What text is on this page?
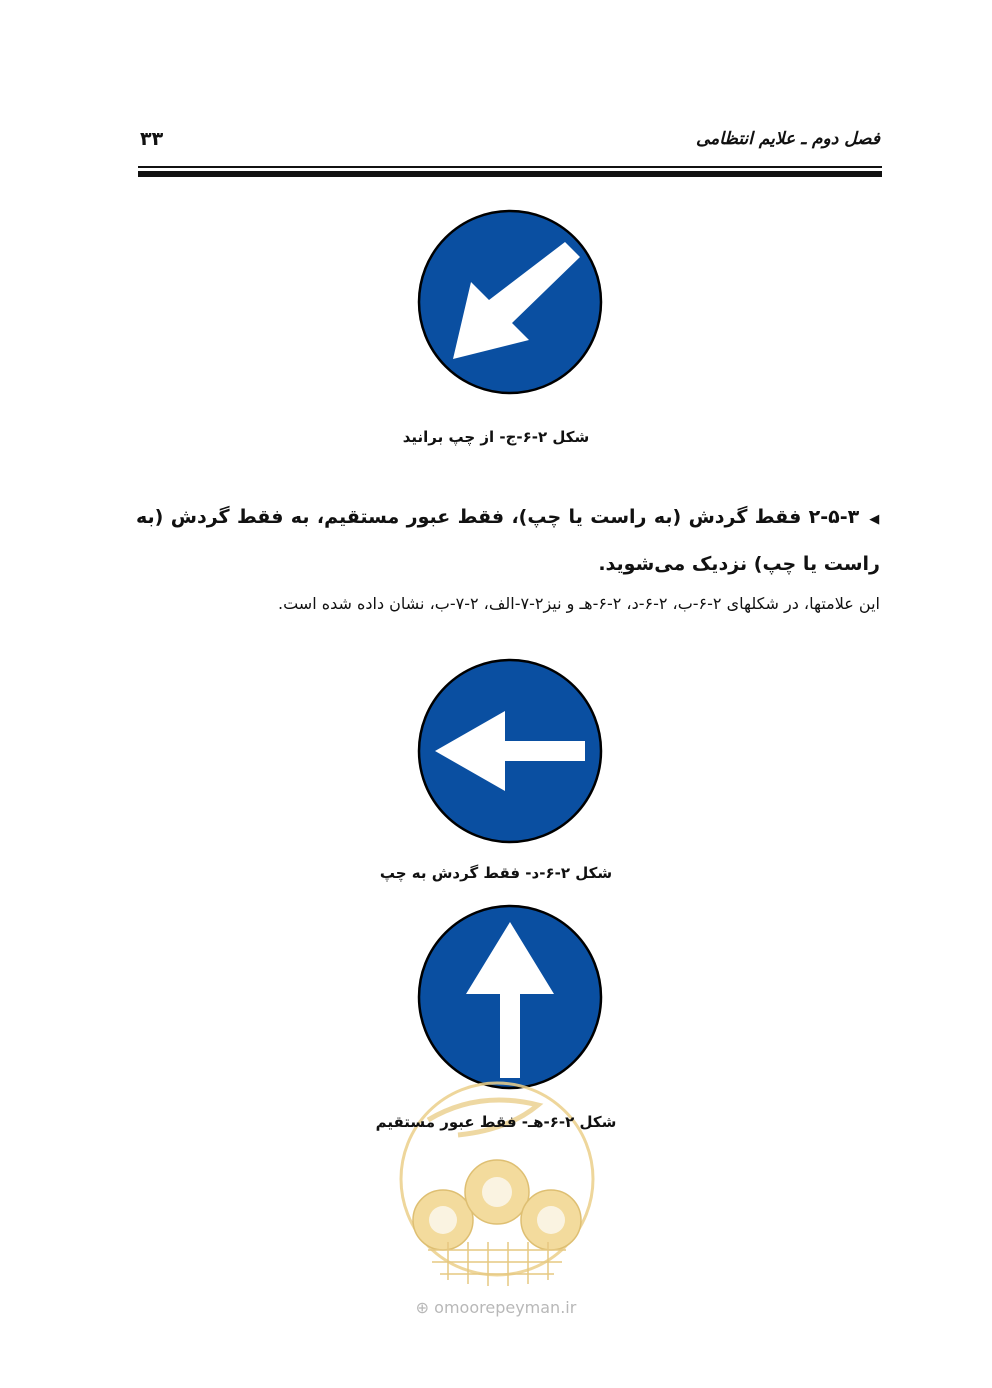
فصل دوم ـ علایم انتظامی
۳۳
شکل ۲-۶-ج- از چپ برانید
◀۲-۵-۳ فقط گردش (به راست یا چپ)، فقط عبور مستقیم، به فقط گردش (به راست یا چپ) نزدیک می‌شوید.
این علامتها، در شکلهای ۲-۶-ب، ۲-۶-د، ۲-۶-هـ و نیز۲-۷-الف، ۲-۷-ب، نشان داده شده است.
شکل ۲-۶-د- فقط گردش به چپ
⊕ omoorepeyman.ir
شکل ۲-۶-هـ- فقط عبور مستقیم
